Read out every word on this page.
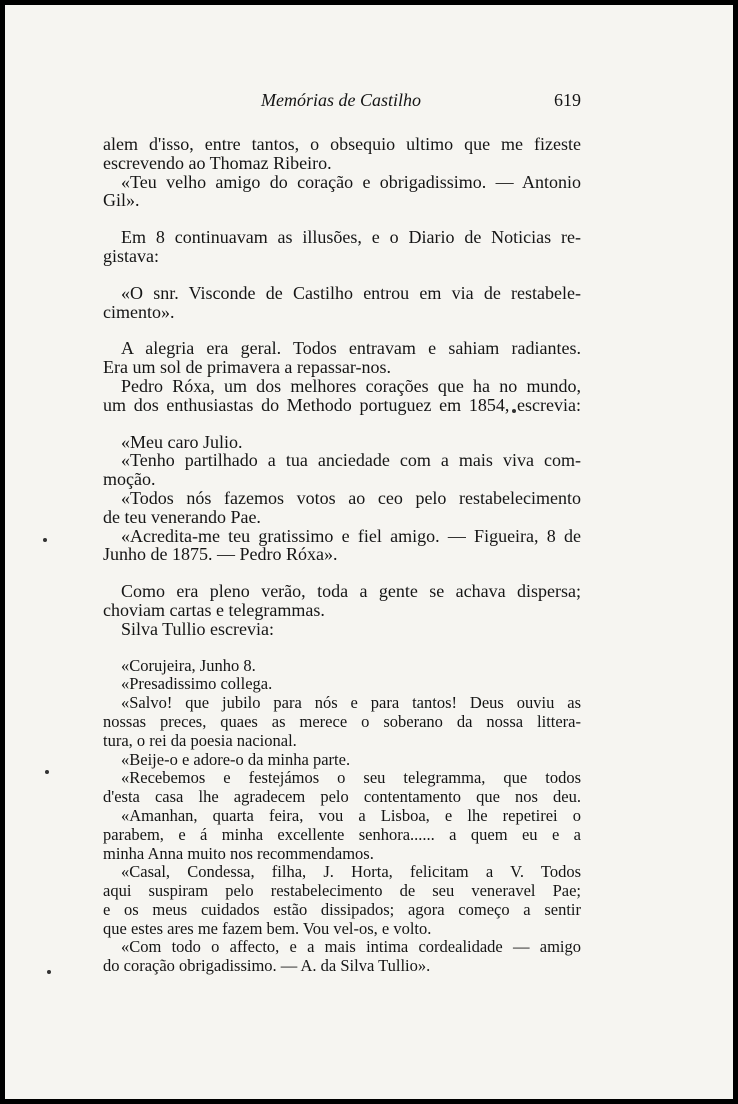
Memórias de Castilho	619
alem d'isso, entre tantos, o obsequio ultimo que me fizeste
escrevendo ao Thomaz Ribeiro.
«Teu velho amigo do coração e obrigadissimo. — Antonio
Gil».
Em 8 continuavam as illusões, e o Diario de Noticias re-
gistava:
«O snr. Visconde de Castilho entrou em via de restabele-
cimento».
A alegria era geral. Todos entravam e sahiam radiantes.
Era um sol de primavera a repassar-nos.
Pedro Róxa, um dos melhores corações que ha no mundo,
um dos enthusiastas do Methodo portuguez em 1854, escrevia:
«Meu caro Julio.
«Tenho partilhado a tua anciedade com a mais viva com-
moção.
«Todos nós fazemos votos ao ceo pelo restabelecimento
de teu venerando Pae.
«Acredita-me teu gratissimo e fiel amigo. — Figueira, 8 de
Junho de 1875. — Pedro Róxa».
Como era pleno verão, toda a gente se achava dispersa;
choviam cartas e telegrammas.
Silva Tullio escrevia:
«Corujeira, Junho 8.
«Presadissimo collega.
«Salvo! que jubilo para nós e para tantos! Deus ouviu as
nossas preces, quaes as merece o soberano da nossa littera-
tura, o rei da poesia nacional.
«Beije-o e adore-o da minha parte.
«Recebemos e festejámos o seu telegramma, que todos
d'esta casa lhe agradecem pelo contentamento que nos deu.
«Amanhan, quarta feira, vou a Lisboa, e lhe repetirei o
parabem, e á minha excellente senhora...... a quem eu e a
minha Anna muito nos recommendamos.
«Casal, Condessa, filha, J. Horta, felicitam a V. Todos
aqui suspiram pelo restabelecimento de seu veneravel Pae;
e os meus cuidados estão dissipados; agora começo a sentir
que estes ares me fazem bem. Vou vel-os, e volto.
«Com todo o affecto, e a mais intima cordealidade — amigo
do coração obrigadissimo. — A. da Silva Tullio».
